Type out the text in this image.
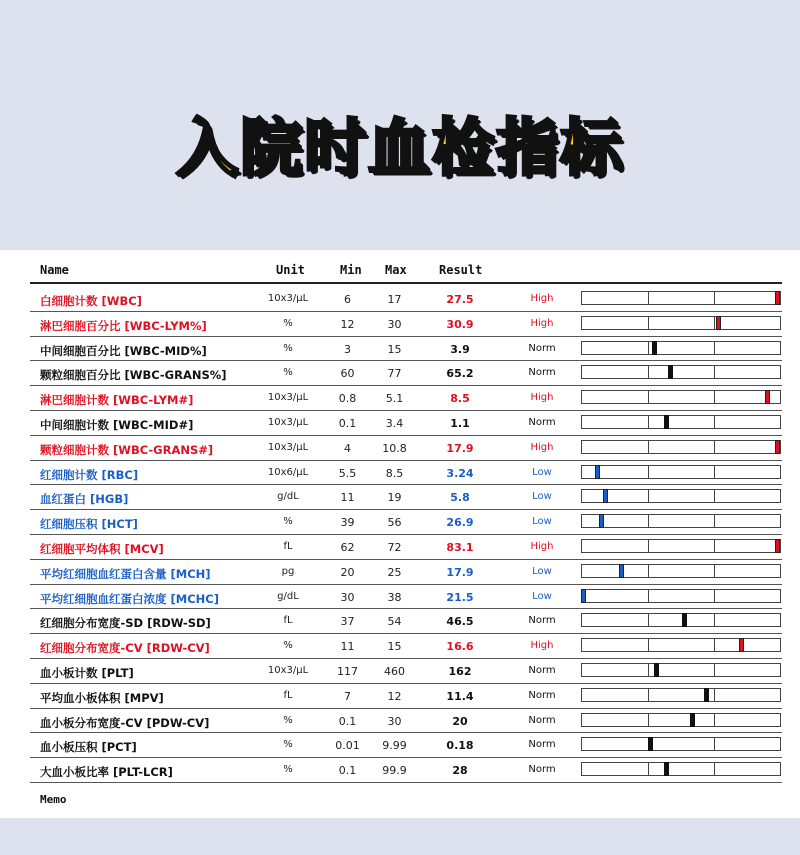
入院时血检指标
Name	Unit	Min Max	Result
白细胞计数 [WBC]	10x3/μL	6	17	27.5	High
淋巴细胞百分比 [WBC-LYM%]	%	12	30	30.9	High
中间细胞百分比 [WBC-MID%]	%	3	15	3.9	Norm
颗粒细胞百分比 [WBC-GRANS%]	%	60	77	65.2	Norm
淋巴细胞计数 [WBC-LYM#]	10x3/μL	0.8	5.1	8.5	High
中间细胞计数 [WBC-MID#]	10x3/μL	0.1	3.4	1.1	Norm
颗粒细胞计数 [WBC-GRANS#]	10x3/μL	4	10.8	17.9	High
红细胞计数 [RBC]	10x6/μL	5.5	8.5	3.24	Low
血红蛋白 [HGB]	g/dL	11	19	5.8	Low
红细胞压积 [HCT]	%	39	56	26.9	Low
红细胞平均体积 [MCV]	fL	62	72	83.1	High
平均红细胞血红蛋白含量 [MCH]	pg	20	25	17.9	Low
平均红细胞血红蛋白浓度 [MCHC]	g/dL	30	38	21.5	Low
红细胞分布宽度-SD [RDW-SD]	fL	37	54	46.5	Norm
红细胞分布宽度-CV [RDW-CV]	%	11	15	16.6	High
血小板计数 [PLT]	10x3/μL	117	460	162	Norm
平均血小板体积 [MPV]	fL	7	12	11.4	Norm
血小板分布宽度-CV [PDW-CV]	%	0.1	30	20	Norm
血小板压积 [PCT]	%	0.01	9.99	0.18	Norm
大血小板比率 [PLT-LCR]	%	0.1	99.9	28	Norm
Memo
